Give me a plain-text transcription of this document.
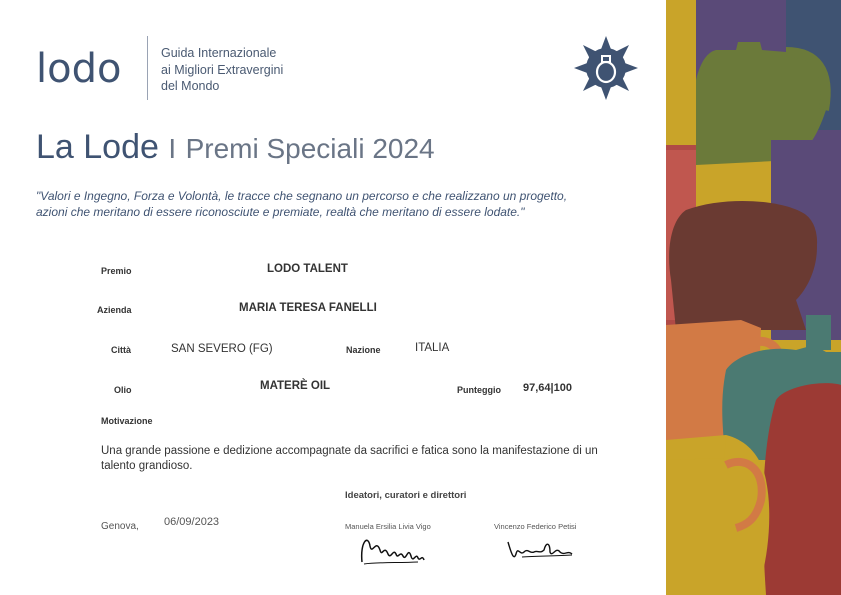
lodo	Guida Internazionale
ai Migliori Extravergini
del Mondo
La Lode I Premi Speciali 2024
"Valori e Ingegno, Forza e Volontà, le tracce che segnano un percorso e che realizzano un progetto,
azioni che meritano di essere riconosciute e premiate, realtà che meritano di essere lodate."
Premio	LODO TALENT
Azienda	MARIA TERESA FANELLI
Città	SAN SEVERO (FG)	Nazione	ITALIA
Olio	MATERÈ OIL	Punteggio 97,64|100
Motivazione
Una grande passione e dedizione accompagnate da sacrifici e fatica sono la manifestazione di un talento grandioso.
Ideatori, curatori e direttori
Genova, 06/09/2023	Manuela Ersilia Livia Vigo	Vincenzo Federico Petisi
